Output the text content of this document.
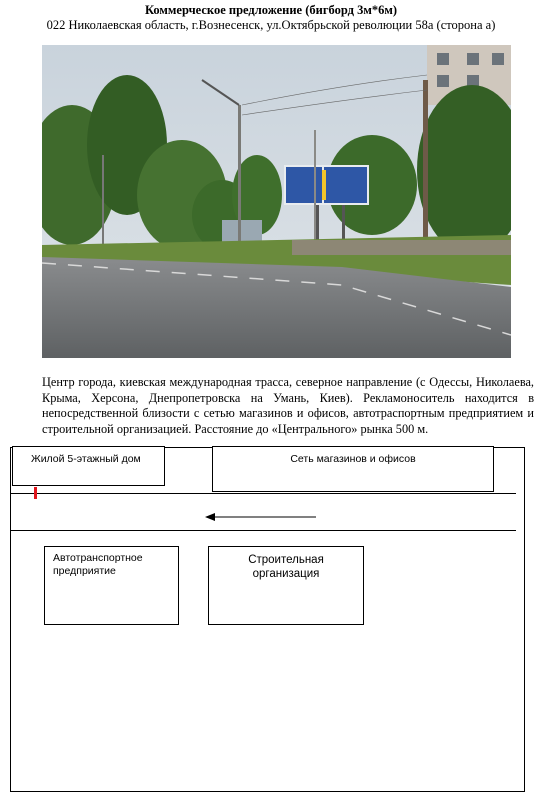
Коммерческое предложение (бигборд 3м*6м)
022 Николаевская область, г.Вознесенск, ул.Октябрьской революции 58а (сторона а)
Центр города, киевская международная трасса, северное направление (с Одессы, Николаева, Крыма, Херсона, Днепропетровска на Умань, Киев). Рекламоноситель находится в непосредственной близости с сетью магазинов и офисов, автотраспортным предприятием и строительной организацией. Расстояние до «Центрального» рынка 500 м.
Жилой 5-этажный дом	Сеть магазинов и офисов
Автотранспортное предприятие
Строительная организация
